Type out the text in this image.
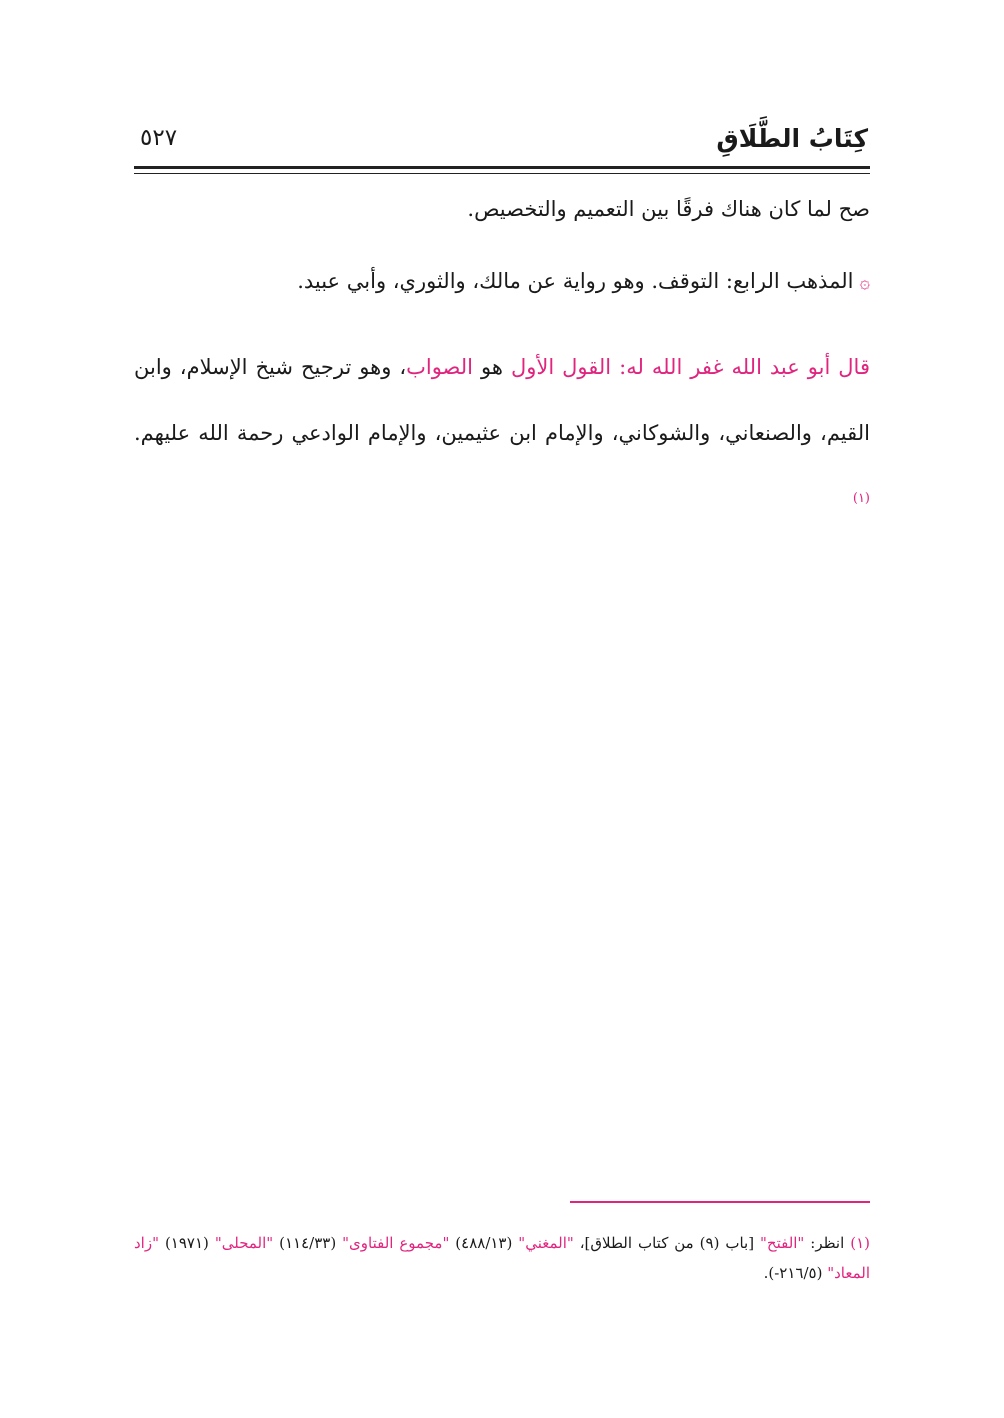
كِتَابُ الطَّلَاقِ
٥٢٧
صح لما كان هناك فرقًا بين التعميم والتخصيص.
۞المذهب الرابع: التوقف. وهو رواية عن مالك، والثوري، وأبي عبيد.
قال أبو عبد الله غفر الله له: القول الأول هو الصواب، وهو ترجيح شيخ الإسلام، وابن القيم، والصنعاني، والشوكاني، والإمام ابن عثيمين، والإمام الوادعي رحمة الله عليهم.$^{(١)}$
(١) انظر: "الفتح" [باب (٩) من كتاب الطلاق]، "المغني" (٤٨٨/١٣) "مجموع الفتاوى" (١١٤/٣٣) "المحلى" (١٩٧١) "زاد المعاد" (٢١٦/٥-).
